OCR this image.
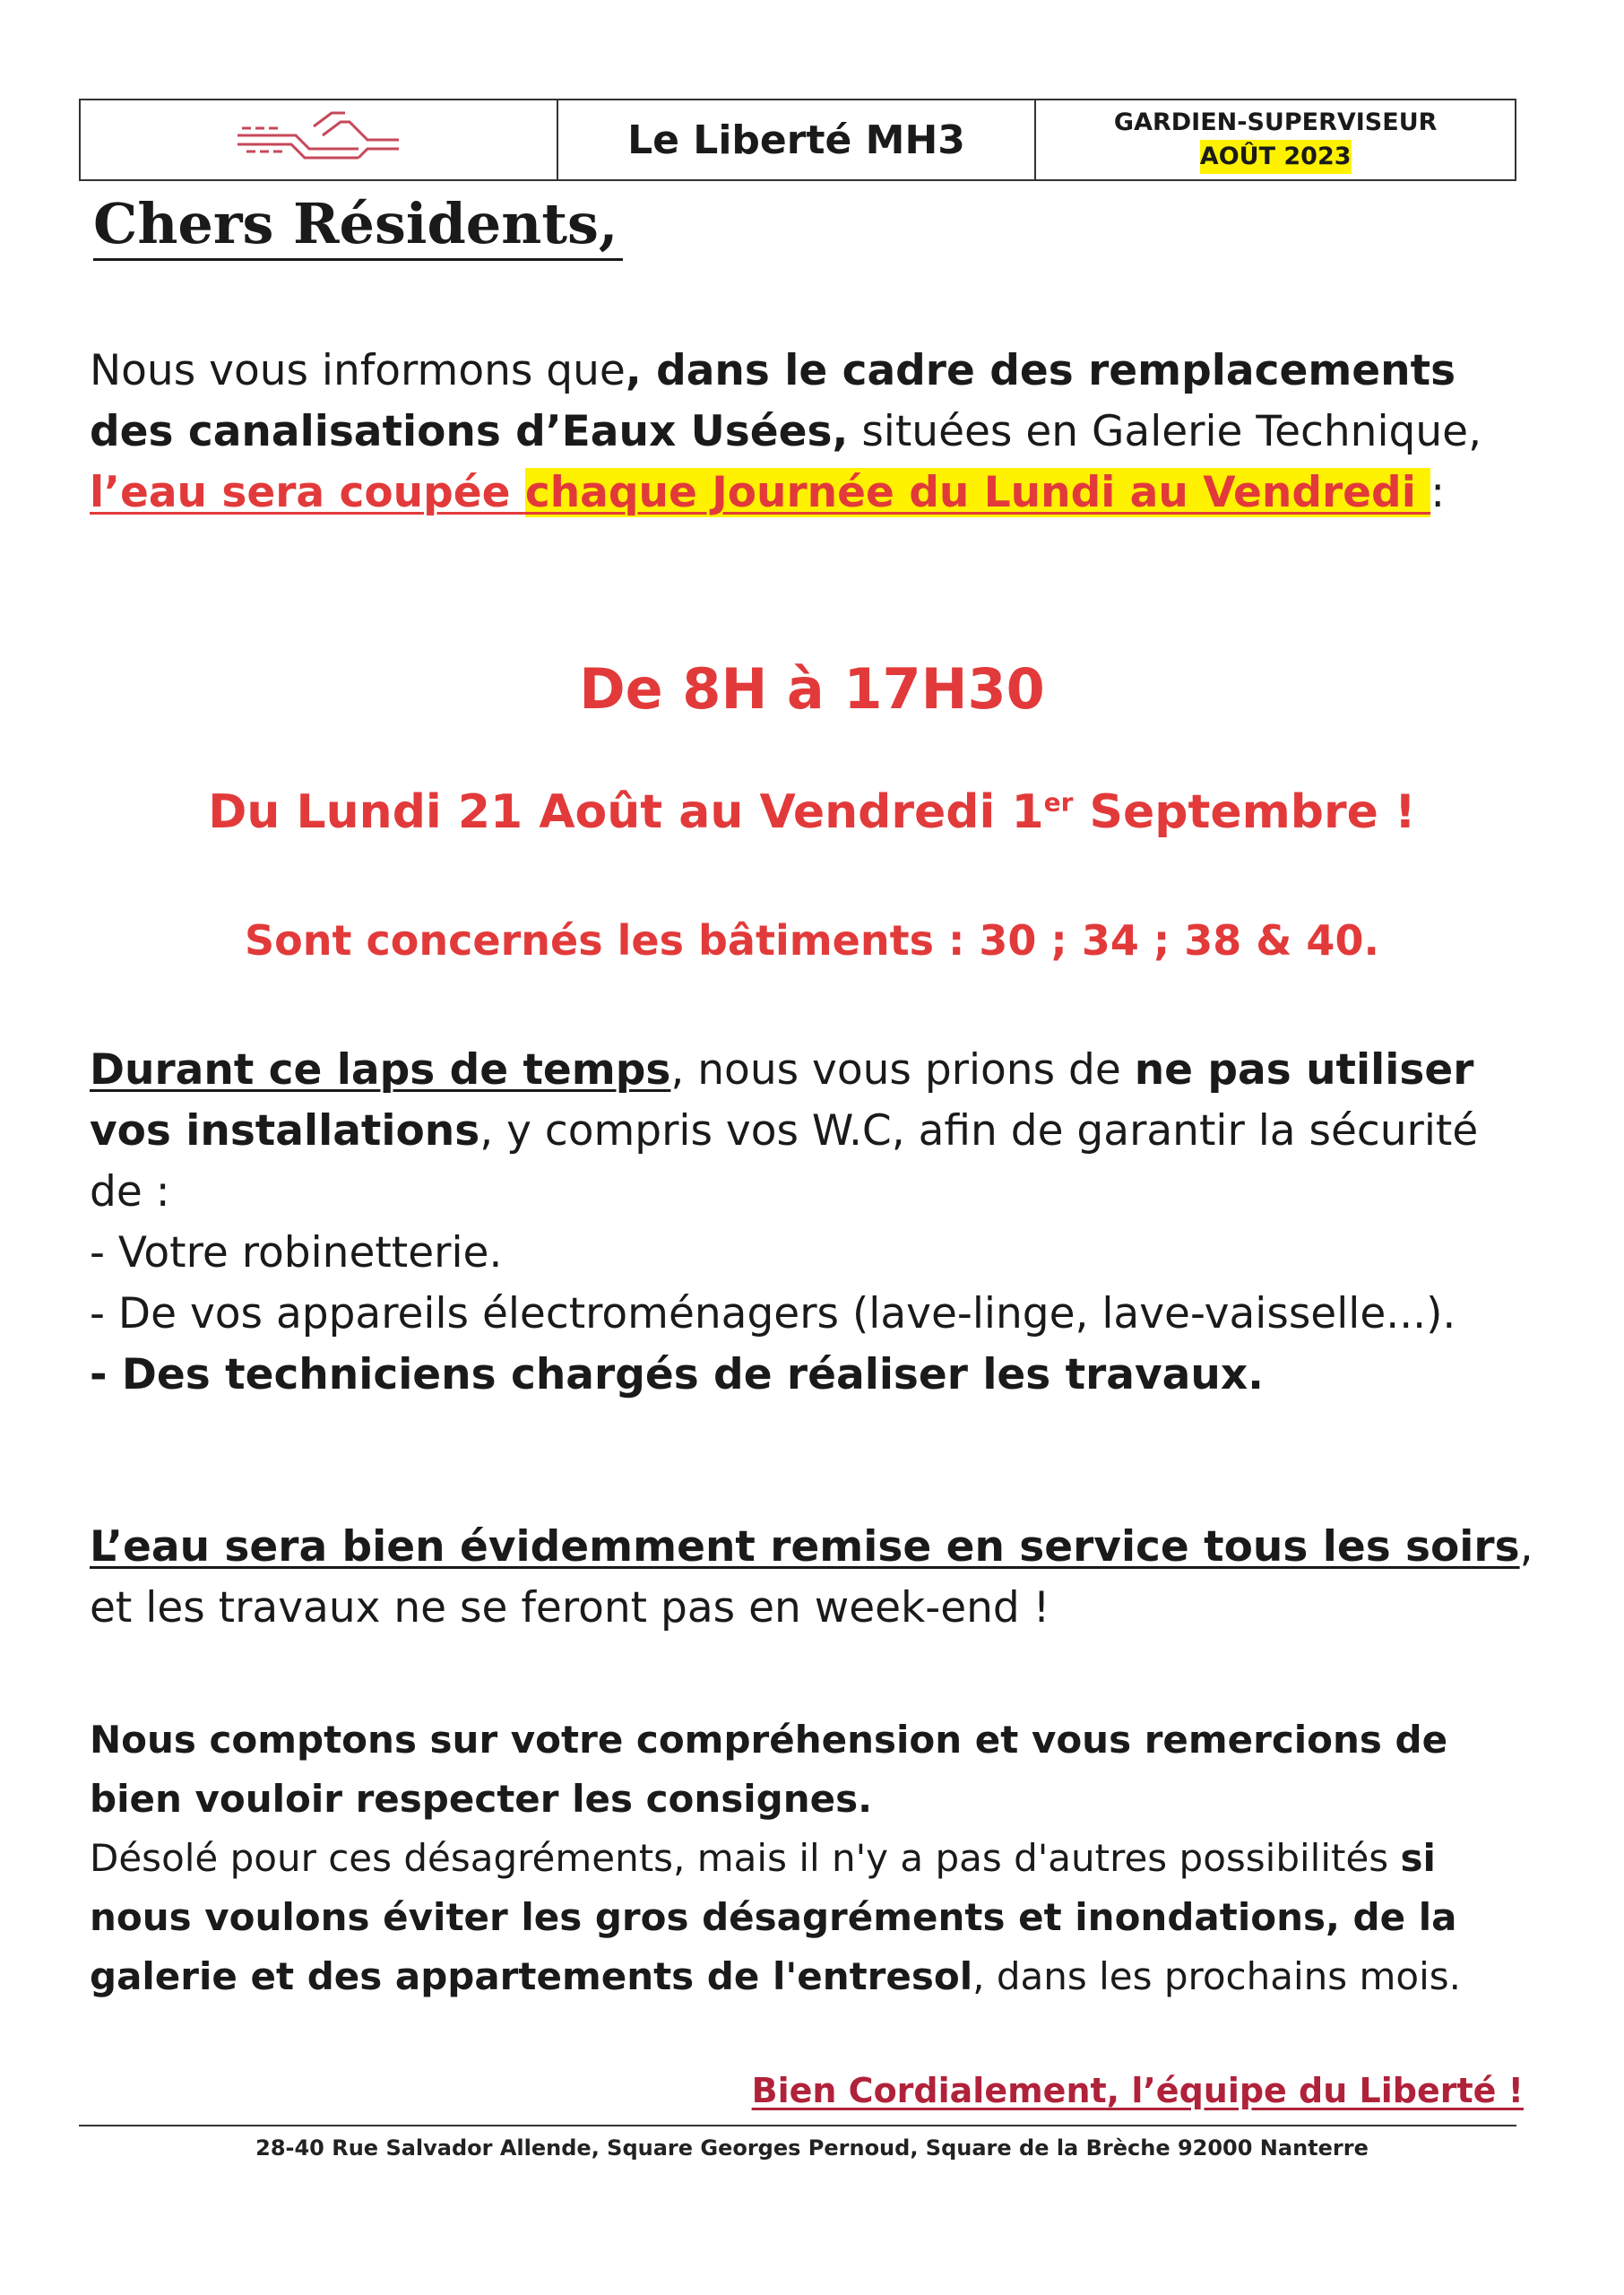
Le Liberté MH3	GARDIEN-SUPERVISEUR
AOÛT 2023
Chers Résidents,
Nous vous informons que, dans le cadre des remplacements des canalisations d’Eaux Usées, situées en Galerie Technique, l’eau sera coupée chaque Journée du Lundi au Vendredi :
De 8H à 17H30
Du Lundi 21 Août au Vendredi 1er Septembre !
Sont concernés les bâtiments : 30 ; 34 ; 38 & 40.
Durant ce laps de temps, nous vous prions de ne pas utiliser vos installations, y compris vos W.C, afin de garantir la sécurité de :
- Votre robinetterie.
- De vos appareils électroménagers (lave-linge, lave-vaisselle...).
- Des techniciens chargés de réaliser les travaux.
L’eau sera bien évidemment remise en service tous les soirs, et les travaux ne se feront pas en week-end !
Nous comptons sur votre compréhension et vous remercions de bien vouloir respecter les consignes.
Désolé pour ces désagréments, mais il n'y a pas d'autres possibilités si nous voulons éviter les gros désagréments et inondations, de la galerie et des appartements de l'entresol, dans les prochains mois.
Bien Cordialement, l’équipe du Liberté !
28-40 Rue Salvador Allende, Square Georges Pernoud, Square de la Brèche 92000 Nanterre
